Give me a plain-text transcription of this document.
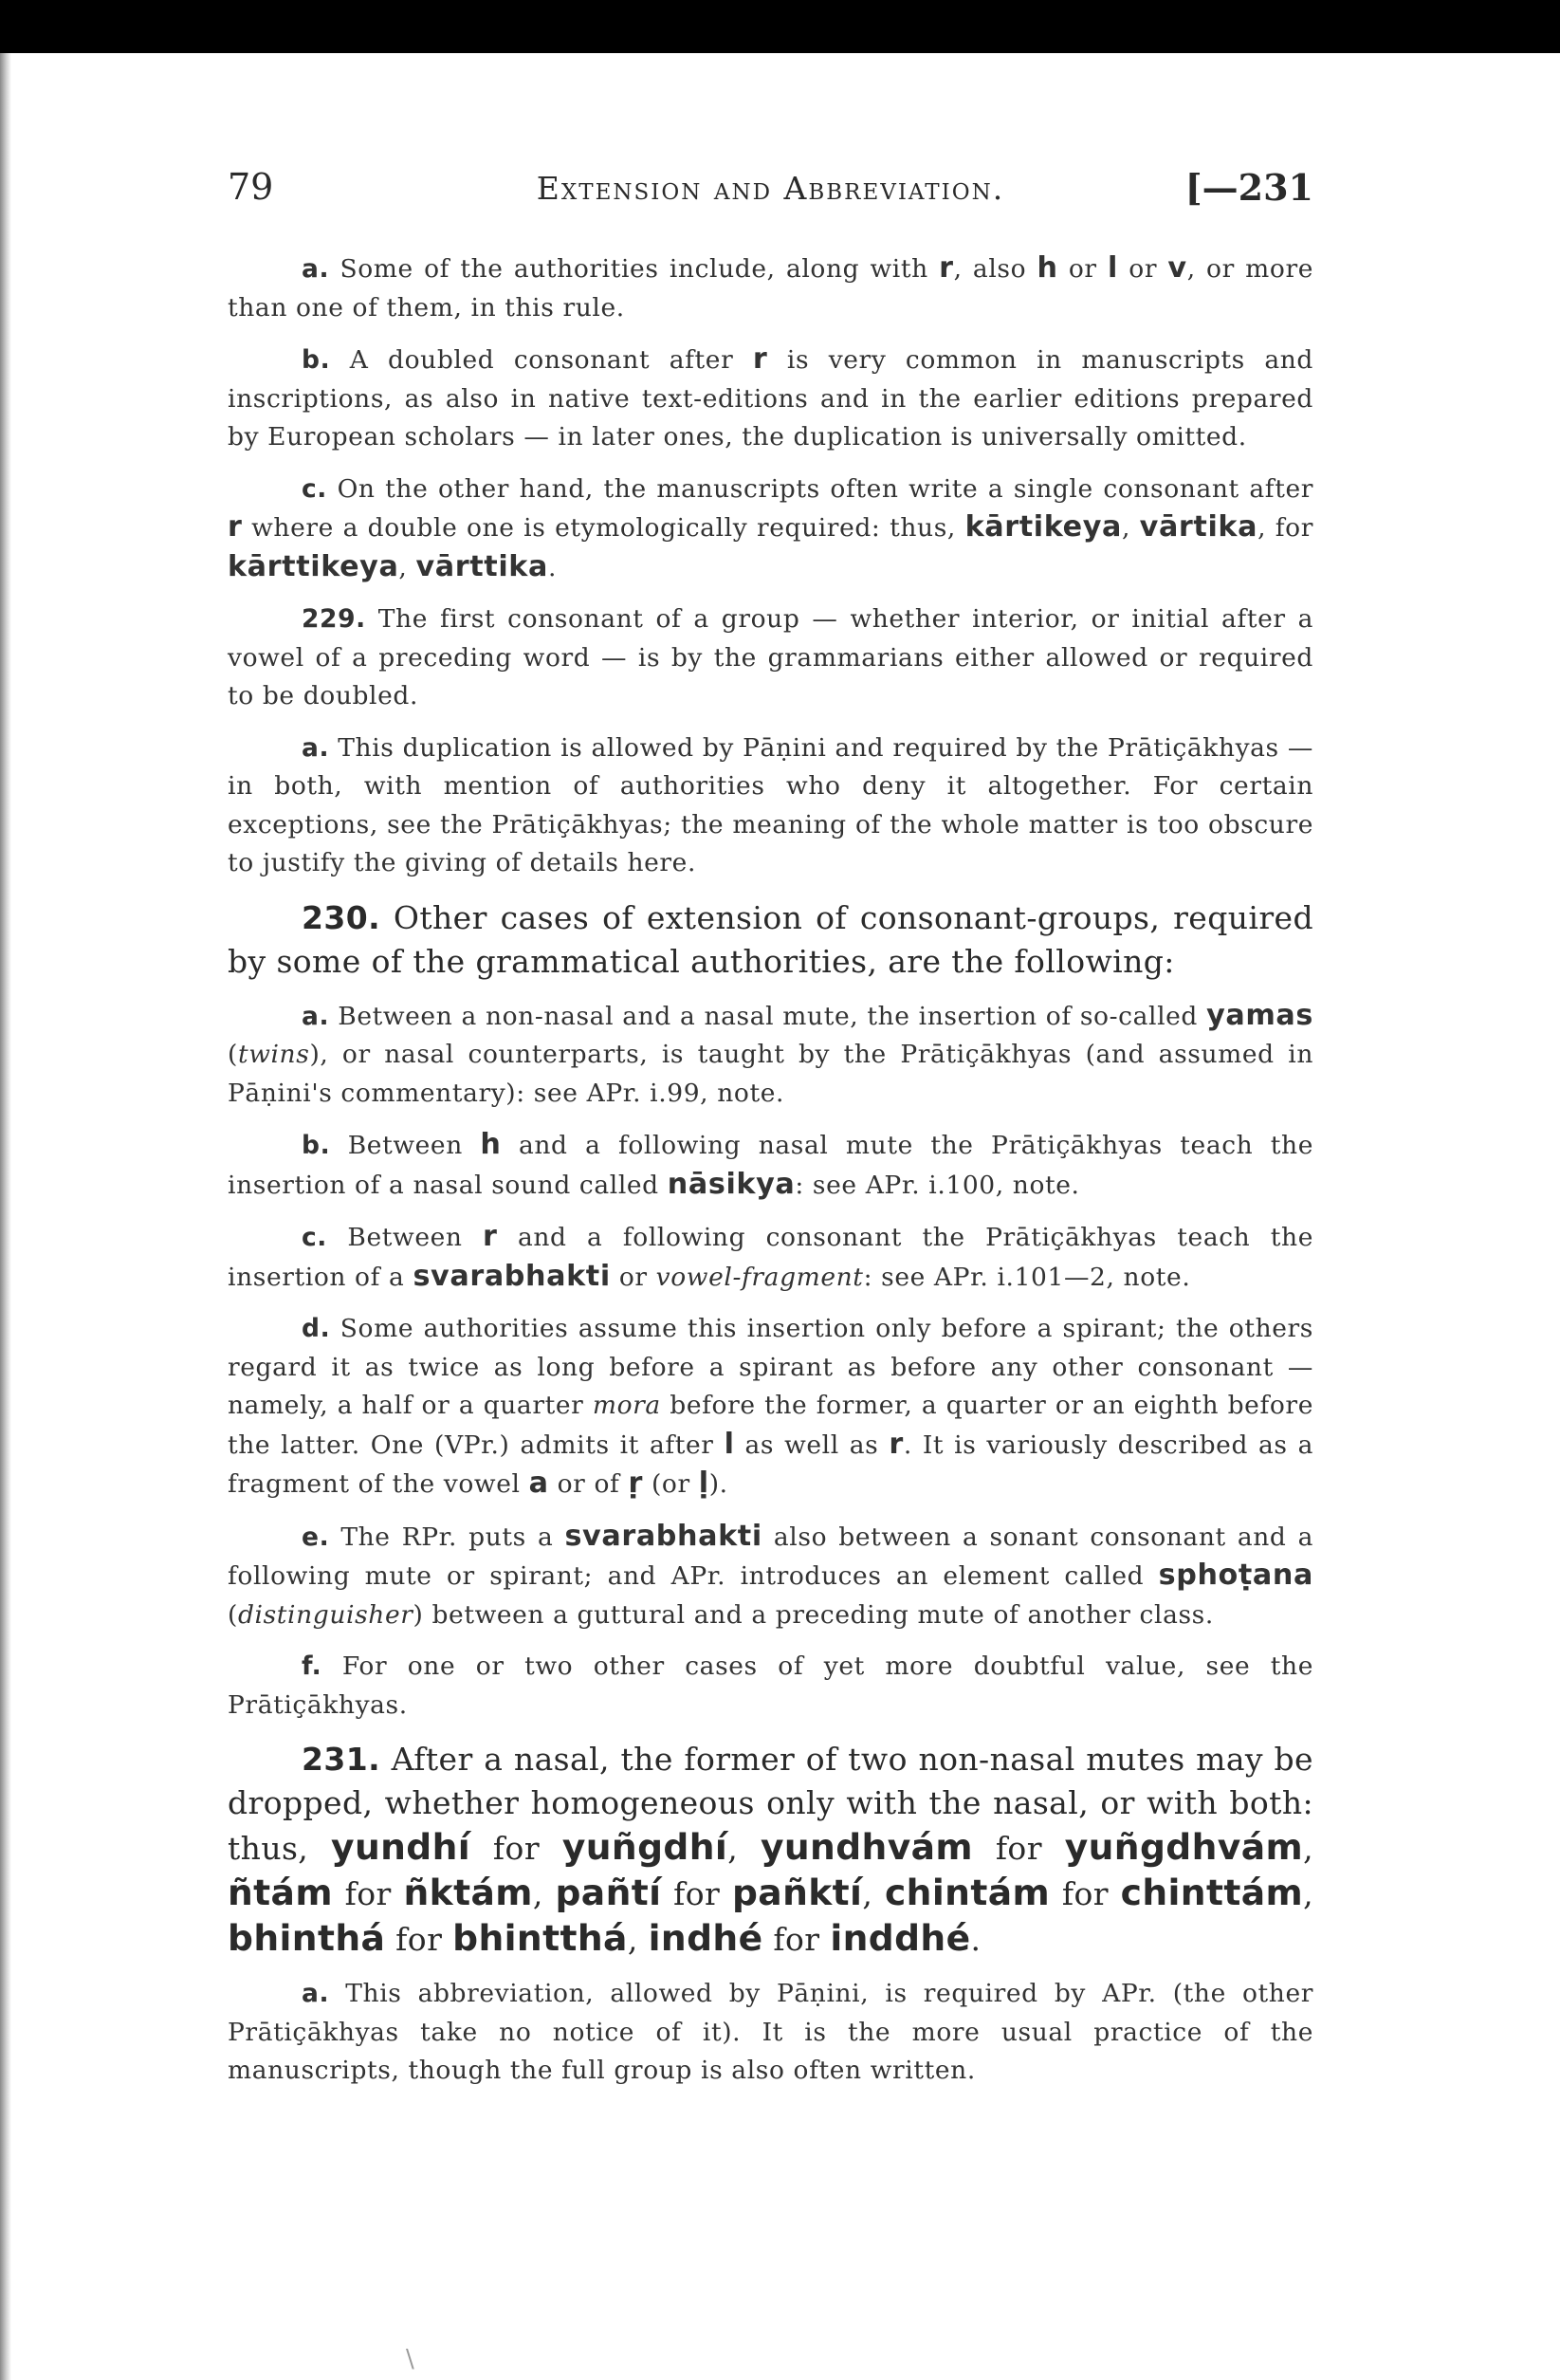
79	Extension and Abbreviation.	[—231

a. Some of the authorities include, along with r, also h or l or v, or more than one of them, in this rule.

b. A doubled consonant after r is very common in manuscripts and inscriptions, as also in native text-editions and in the earlier editions prepared by European scholars — in later ones, the duplication is universally omitted.

c. On the other hand, the manuscripts often write a single consonant after r where a double one is etymologically required: thus, kārtikeya, vārtika, for kārttikeya, vārttika.

229. The first consonant of a group — whether interior, or initial after a vowel of a preceding word — is by the grammarians either allowed or required to be doubled.

a. This duplication is allowed by Pāṇini and required by the Prātiçākhyas — in both, with mention of authorities who deny it altogether. For certain exceptions, see the Prātiçākhyas; the meaning of the whole matter is too obscure to justify the giving of details here.

230. Other cases of extension of consonant-groups, required by some of the grammatical authorities, are the following:

a. Between a non-nasal and a nasal mute, the insertion of so-called yamas (twins), or nasal counterparts, is taught by the Prātiçākhyas (and assumed in Pāṇini's commentary): see APr. i.99, note.

b. Between h and a following nasal mute the Prātiçākhyas teach the insertion of a nasal sound called nāsikya: see APr. i.100, note.

c. Between r and a following consonant the Prātiçākhyas teach the insertion of a svarabhakti or vowel-fragment: see APr. i.101—2, note.

d. Some authorities assume this insertion only before a spirant; the others regard it as twice as long before a spirant as before any other consonant — namely, a half or a quarter mora before the former, a quarter or an eighth before the latter. One (VPr.) admits it after l as well as r. It is variously described as a fragment of the vowel a or of ṛ (or ḷ).

e. The RPr. puts a svarabhakti also between a sonant consonant and a following mute or spirant; and APr. introduces an element called sphoṭana (distinguisher) between a guttural and a preceding mute of another class.

f. For one or two other cases of yet more doubtful value, see the Prātiçākhyas.

231. After a nasal, the former of two non-nasal mutes may be dropped, whether homogeneous only with the nasal, or with both: thus, yundhí for yuñgdhí, yundhvám for yuñgdhvám, ñtám for ñktám, pañtí for pañktí, chintám for chinttám, bhinthá for bhintthá, indhé for inddhé.

a. This abbreviation, allowed by Pāṇini, is required by APr. (the other Prātiçākhyas take no notice of it). It is the more usual practice of the manuscripts, though the full group is also often written.

\
